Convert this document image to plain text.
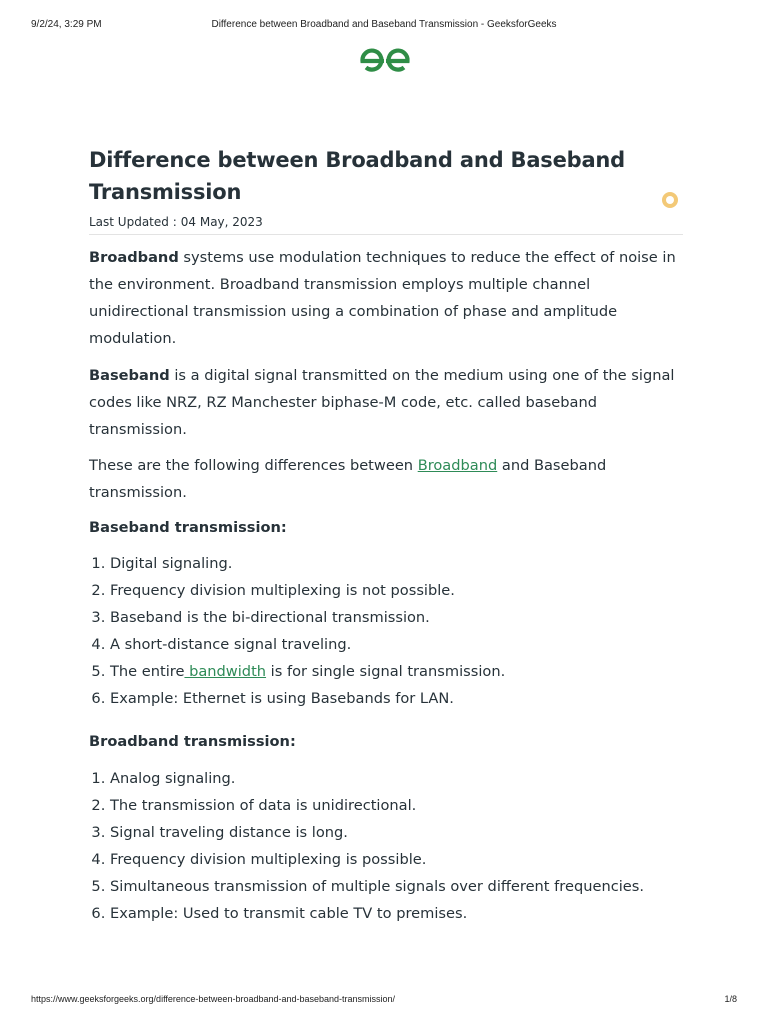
9/2/24, 3:29 PM	Difference between Broadband and Baseband Transmission - GeeksforGeeks
Difference between Broadband and Baseband Transmission
Last Updated : 04 May, 2023

Broadband systems use modulation techniques to reduce the effect of noise in the environment. Broadband transmission employs multiple channel unidirectional transmission using a combination of phase and amplitude modulation.

Baseband is a digital signal transmitted on the medium using one of the signal codes like NRZ, RZ Manchester biphase-M code, etc. called baseband transmission.

These are the following differences between Broadband and Baseband transmission.

Baseband transmission:
1. Digital signaling.
2. Frequency division multiplexing is not possible.
3. Baseband is the bi-directional transmission.
4. A short-distance signal traveling.
5. The entire bandwidth is for single signal transmission.
6. Example: Ethernet is using Basebands for LAN.
Broadband transmission:
1. Analog signaling.
2. The transmission of data is unidirectional.
3. Signal traveling distance is long.
4. Frequency division multiplexing is possible.
5. Simultaneous transmission of multiple signals over different frequencies.
6. Example: Used to transmit cable TV to premises.
https://www.geeksforgeeks.org/difference-between-broadband-and-baseband-transmission/	1/8
